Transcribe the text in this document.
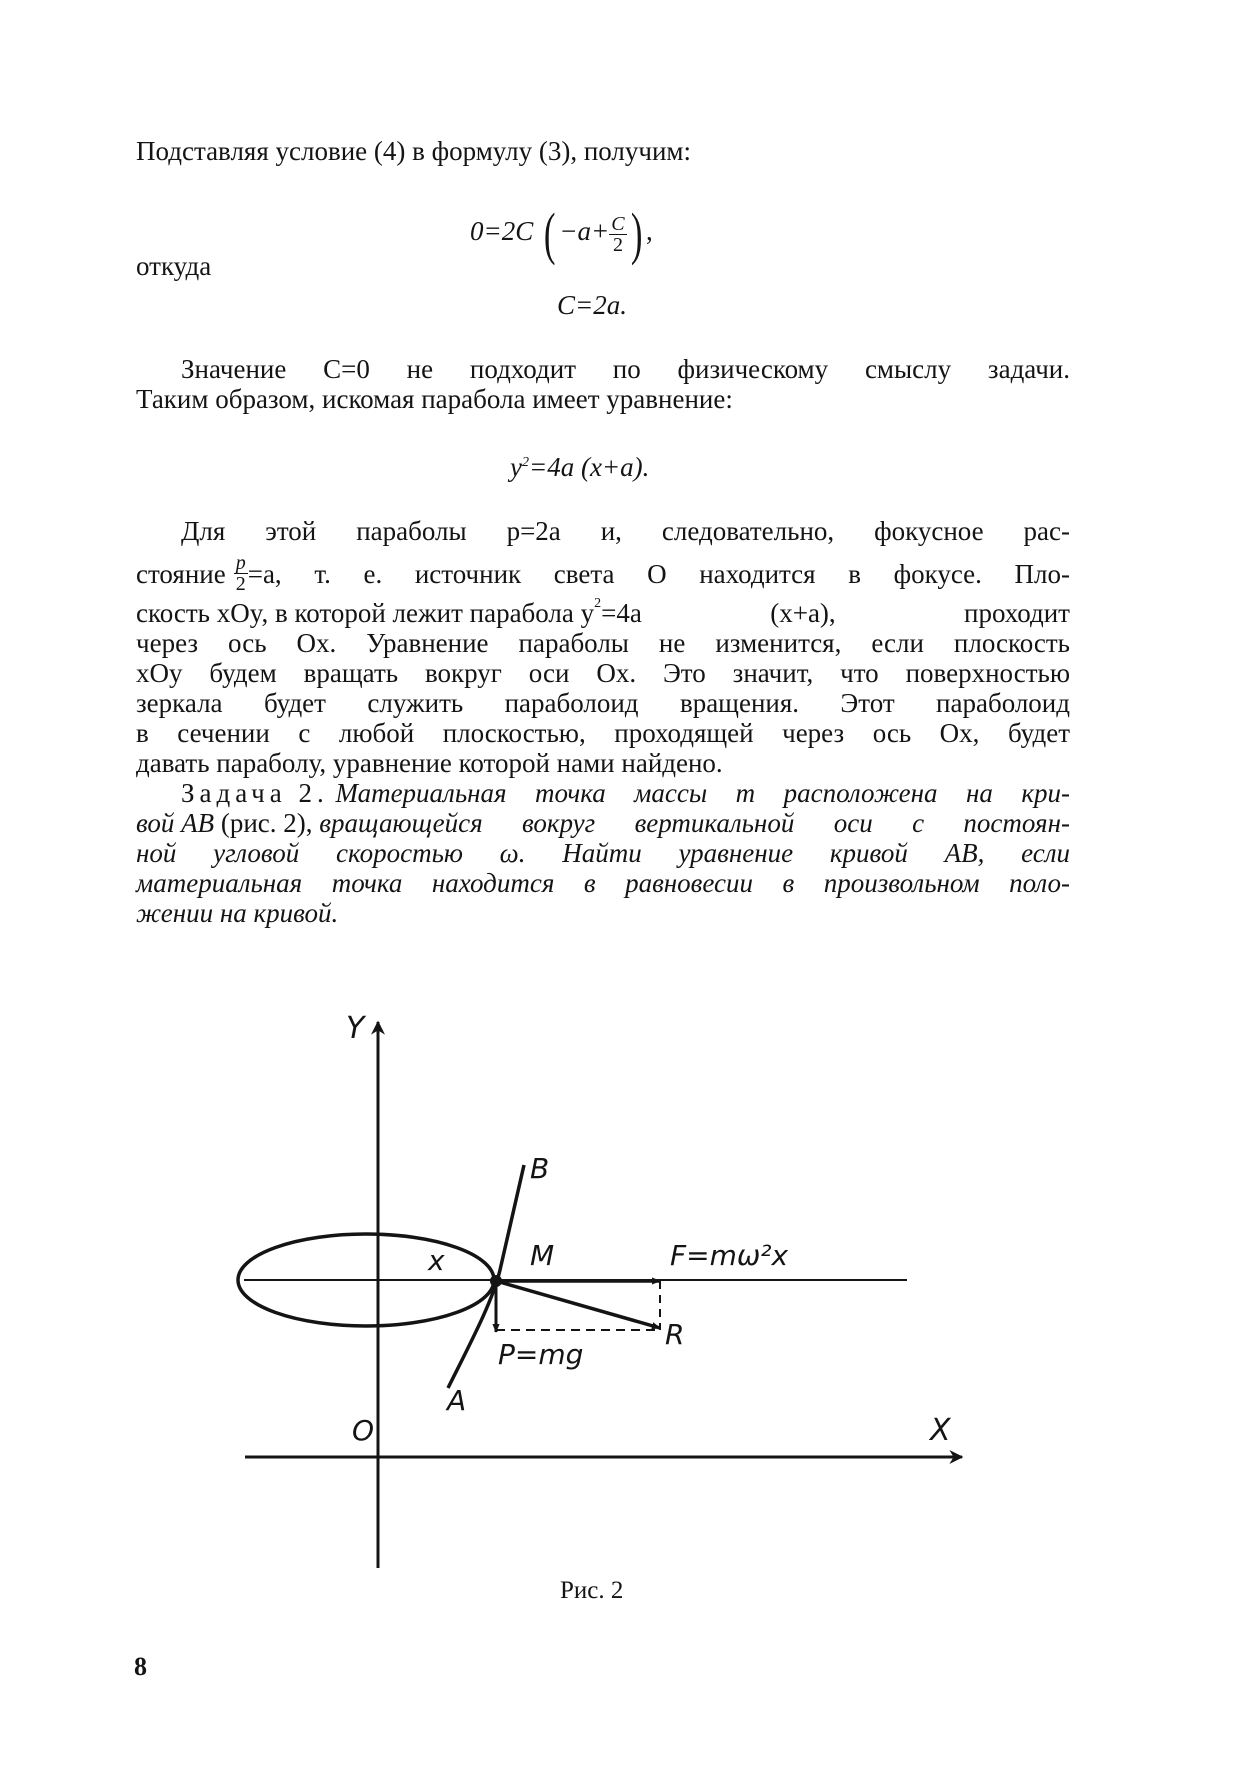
Подставляя условие (4) в формулу (3), получим:
0=2C ( $-a+ \frac{C}{2}$ ) ,
откуда
C=2a.
Значение C=0 не подходит по физическому смыслу задачи.
Таким образом, искомая парабола имеет уравнение:
$y^2=4a$ (x+a).
Для этой параболы p=2a и, следовательно, фокусное рас-
стояние $\frac{p}{2} =a$, т. е. источник света O находится в фокусе. Пло-
скость xOy, в которой лежит парабола y 2 =4a (x+a), проходит
через ось Ox. Уравнение параболы не изменится, если плоскость
xOy будем вращать вокруг оси Ox. Это значит, что поверхностью
зеркала будет служить параболоид вращения. Этот параболоид
в сечении с любой плоскостью, проходящей через ось Ox, будет
давать параболу, уравнение которой нами найдено.
Задача 2.
Материальная точка массы m расположена на кри-
вой AB
(рис. 2),
вращающейся вокруг вертикальной оси с постоян-
ной угловой скоростью ω. Найти уравнение кривой AB, если
материальная точка находится в равновесии в произвольном поло-
жении на кривой.
Y
X
O
B
A
M
x	F=mω²x
P=mg
R
Рис. 2
8
